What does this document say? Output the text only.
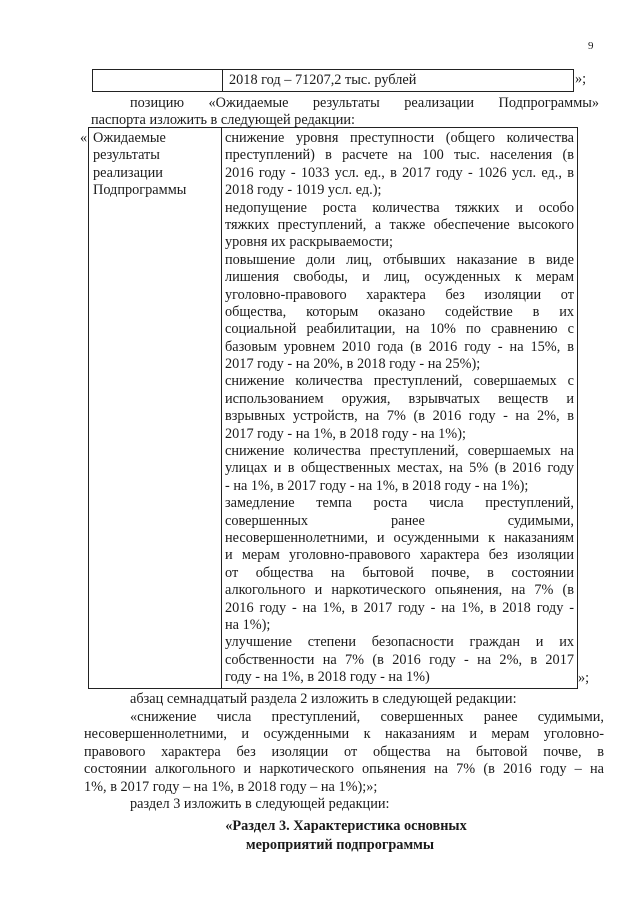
9
2018 год – 71207,2 тыс. рублей	»;
позицию «Ожидаемые результаты реализации Подпрограммы»
паспорта изложить в следующей редакции:
« Ожидаемые
результаты
реализации
Подпрограммы
снижение уровня преступности (общего количества
преступлений) в расчете на 100 тыс. населения (в
2016 году - 1033 усл. ед., в 2017 году - 1026 усл. ед., в
2018 году - 1019 усл. ед.);
недопущение роста количества тяжких и особо
тяжких преступлений, а также обеспечение высокого
уровня их раскрываемости;
повышение доли лиц, отбывших наказание в виде
лишения свободы, и лиц, осужденных к мерам
уголовно-правового характера без изоляции от
общества, которым оказано содействие в их
социальной реабилитации, на 10% по сравнению с
базовым уровнем 2010 года (в 2016 году - на 15%, в
2017 году - на 20%, в 2018 году - на 25%);
снижение количества преступлений, совершаемых с
использованием оружия, взрывчатых веществ и
взрывных устройств, на 7% (в 2016 году - на 2%, в
2017 году - на 1%, в 2018 году - на 1%);
снижение количества преступлений, совершаемых на
улицах и в общественных местах, на 5% (в 2016 году
- на 1%, в 2017 году - на 1%, в 2018 году - на 1%);
замедление темпа роста числа преступлений,
совершенных ранее судимыми,
несовершеннолетними, и осужденными к наказаниям
и мерам уголовно-правового характера без изоляции
от общества на бытовой почве, в состоянии
алкогольного и наркотического опьянения, на 7% (в
2016 году - на 1%, в 2017 году - на 1%, в 2018 году -
на 1%);
улучшение степени безопасности граждан и их
собственности на 7% (в 2016 году - на 2%, в 2017
году - на 1%, в 2018 году - на 1%)	»;
абзац семнадцатый раздела 2 изложить в следующей редакции:
«снижение числа преступлений, совершенных ранее судимыми,
несовершеннолетними, и осужденными к наказаниям и мерам уголовно-
правового характера без изоляции от общества на бытовой почве, в
состоянии алкогольного и наркотического опьянения на 7% (в 2016 году – на
1%, в 2017 году – на 1%, в 2018 году – на 1%);»;
раздел 3 изложить в следующей редакции:
«Раздел 3. Характеристика основных
мероприятий подпрограммы
